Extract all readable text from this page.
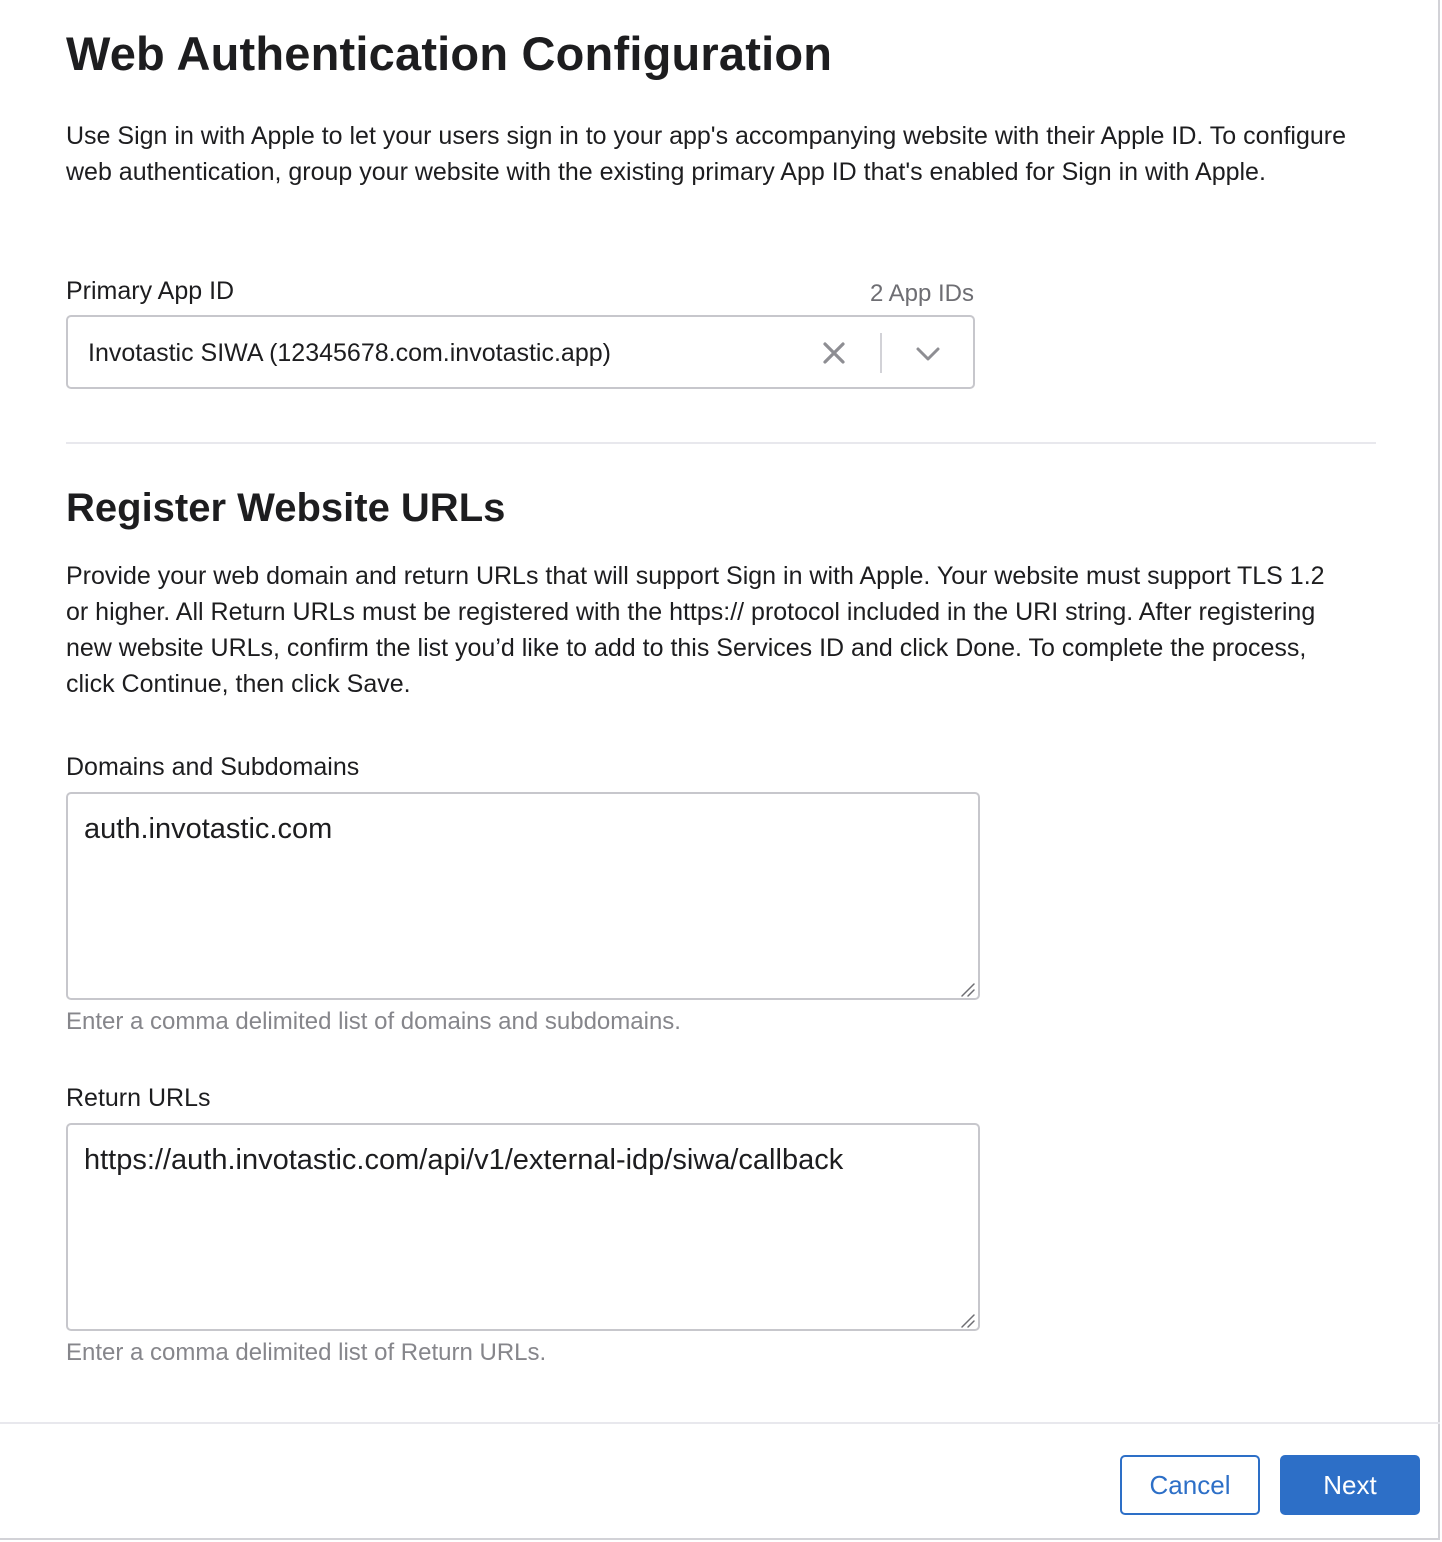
Web Authentication Configuration

Use Sign in with Apple to let your users sign in to your app's accompanying website with their Apple ID. To configure web authentication, group your website with the existing primary App ID that's enabled for Sign in with Apple.

Primary App ID	2 App IDs
Invotastic SIWA (12345678.com.invotastic.app)
Register Website URLs

Provide your web domain and return URLs that will support Sign in with Apple. Your website must support TLS 1.2 or higher. All Return URLs must be registered with the https:// protocol included in the URI string. After registering new website URLs, confirm the list you’d like to add to this Services ID and click Done. To complete the process, click Continue, then click Save.

Domains and Subdomains
auth.invotastic.com
Enter a comma delimited list of domains and subdomains.
Return URLs
https://auth.invotastic.com/api/v1/external-idp/siwa/callback
Enter a comma delimited list of Return URLs.
Cancel	Next
